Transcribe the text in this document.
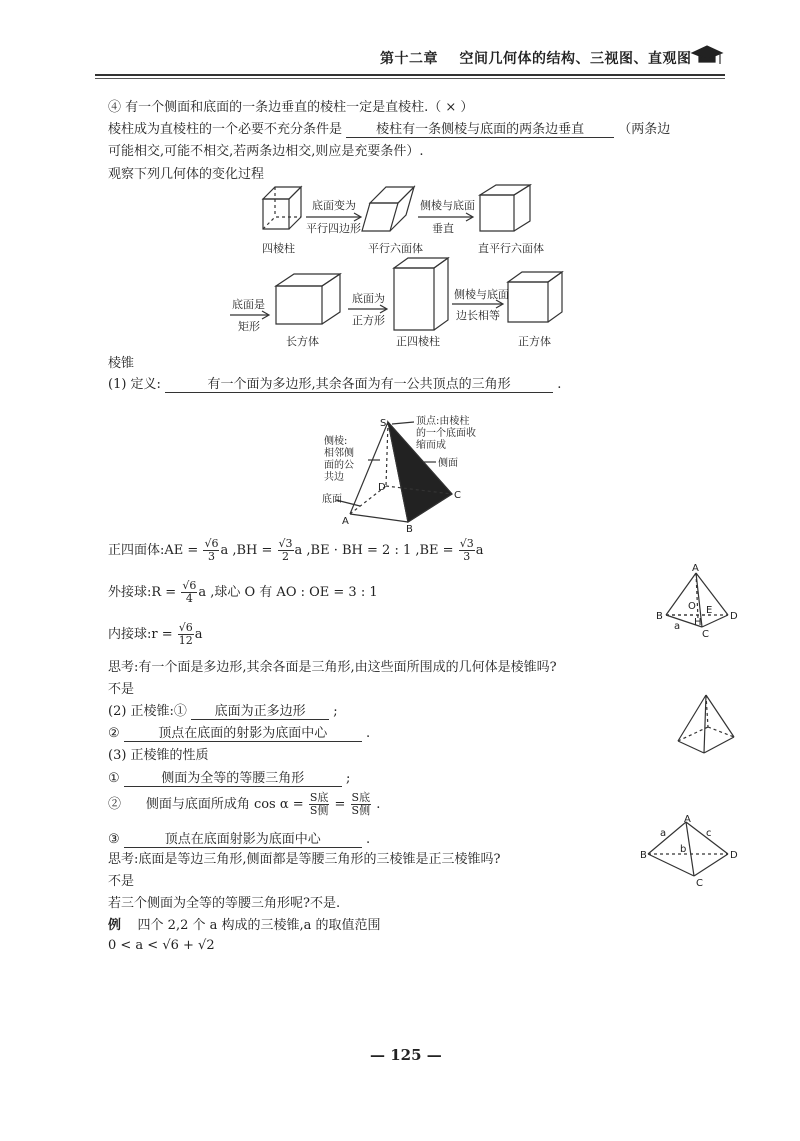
第十二章 空间几何体的结构、三视图、直观图
④ 有一个侧面和底面的一条边垂直的棱柱一定是直棱柱.（ × ）
棱柱成为直棱柱的一个必要不充分条件是	棱柱有一条侧棱与底面的两条边垂直	（两条边
可能相交,可能不相交,若两条边相交,则应是充要条件）.
观察下列几何体的变化过程
四棱柱
底面变为
平行四边形
平行六面体
侧棱与底面
垂直
直平行六面体
底面是
矩形
长方体
底面为
正方形
正四棱柱
侧棱与底面
边长相等
正方体
棱锥
(1) 定义:	有一个面为多边形,其余各面为有一公共顶点的三角形	.
S
A
B
C
D
顶点:由棱柱
的一个底面收
缩而成
侧棱:
相邻侧
面的公
共边
侧面
底面
正四面体:AE = $\frac{√6}{3}$ a $,BH = \frac{√3}{2}$ a ,BE · BH = 2 : 1 $,BE = \frac{√3}{3}$ a
外接球:R = $\frac{√6}{4}$ a ,球心 O 有 AO : OE = 3 : 1
内接球:r = $\frac{√6}{12}$ a
A
B
C
D
E
O
H
a
思考:有一个面是多边形,其余各面是三角形,由这些面所围成的几何体是棱锥吗?
不是
(2) 正棱锥:① 底面为正多边形 ;
②	顶点在底面的射影为底面中心	.
(3) 正棱锥的性质
①	侧面为全等的等腰三角形	;
② 侧面与底面所成角 $\cos \alpha = \frac{\text{S底}}{\text{S侧}} = \frac{\text{S底}}{\text{S侧}}$ .
③	顶点在底面射影为底面中心	.
思考:底面是等边三角形,侧面都是等腰三角形的三棱锥是正三棱锥吗?
不是
若三个侧面为全等的等腰三角形呢?不是.
例 四个 2,2 个 a 构成的三棱锥,a 的取值范围
0 < a < √6 + √2
A
B
C
D
a
b
c
— 125 —
